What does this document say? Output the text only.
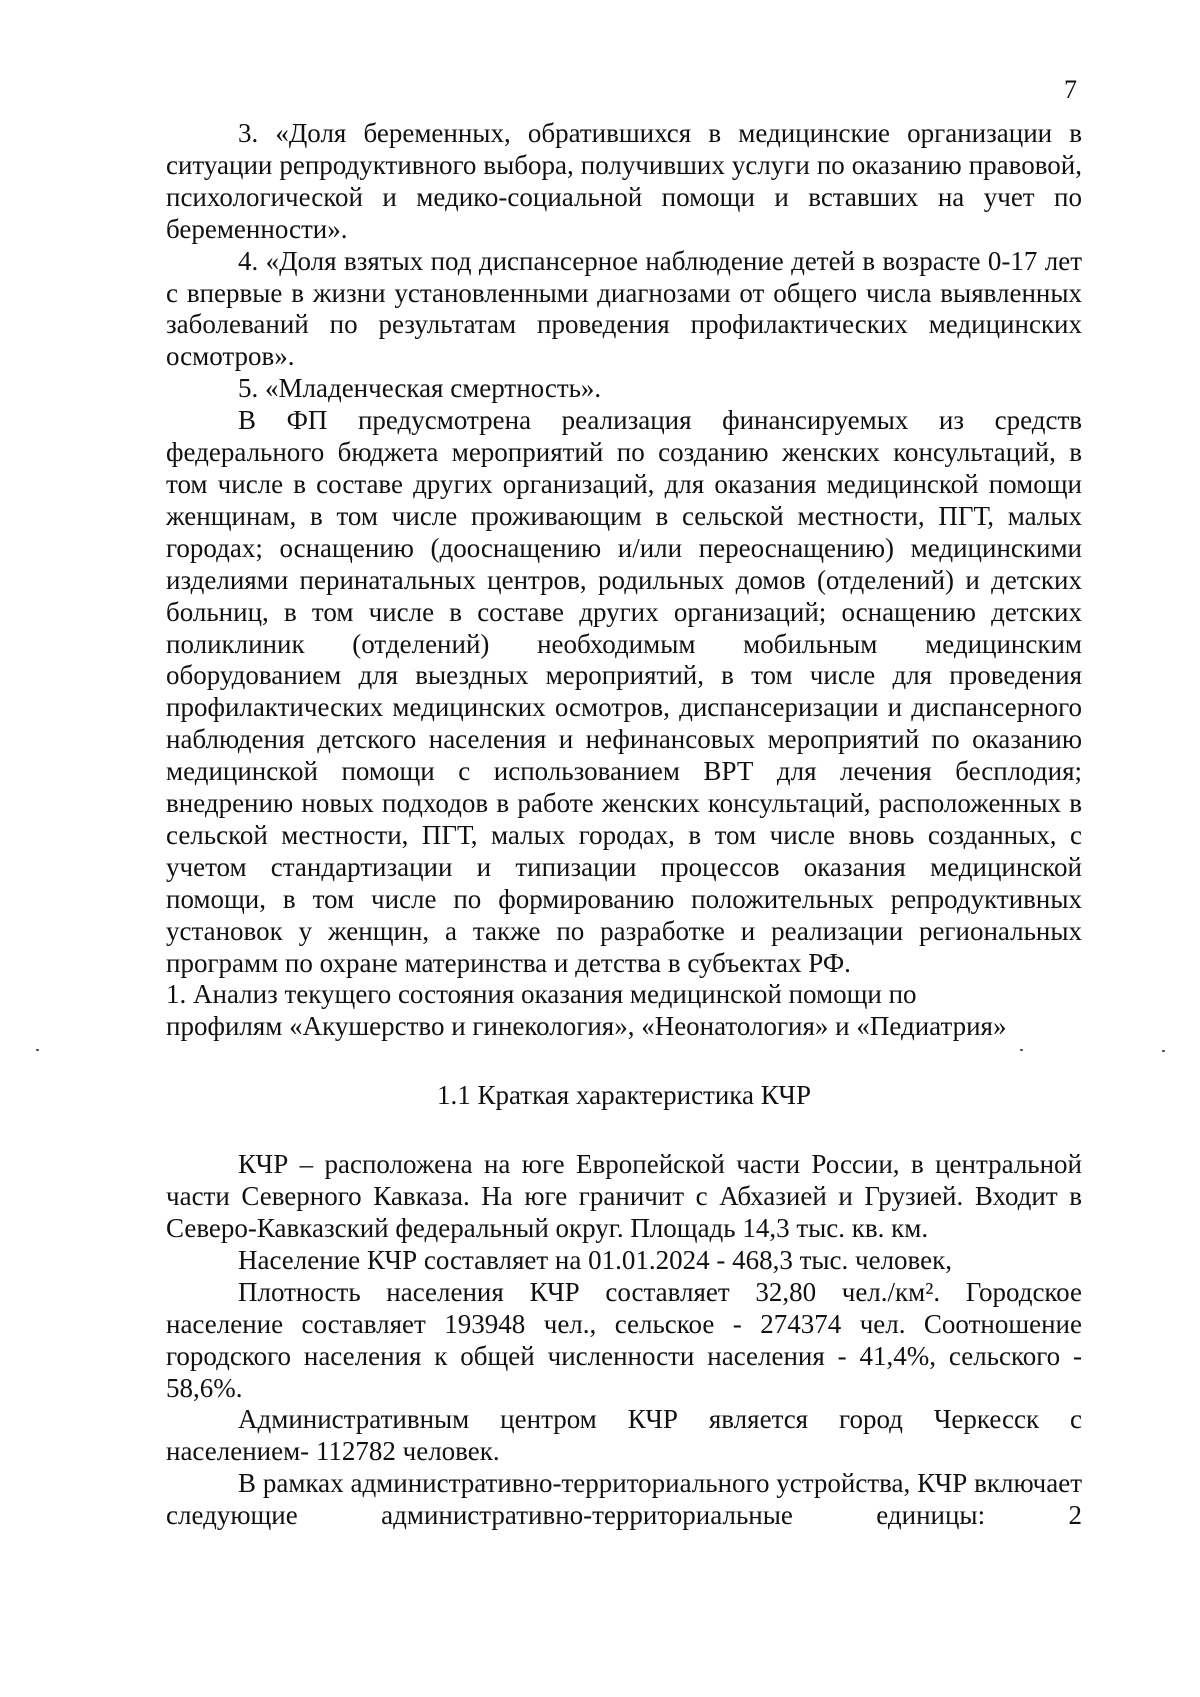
7

3. «Доля беременных, обратившихся в медицинские организации в ситуации репродуктивного выбора, получивших услуги по оказанию правовой, психологической и медико-социальной помощи и вставших на учет по беременности».

4. «Доля взятых под диспансерное наблюдение детей в возрасте 0-17 лет с впервые в жизни установленными диагнозами от общего числа выявленных заболеваний по результатам проведения профилактических медицинских осмотров».

5. «Младенческая смертность».

В ФП предусмотрена реализация финансируемых из средств федерального бюджета мероприятий по созданию женских консультаций, в том числе в составе других организаций, для оказания медицинской помощи женщинам, в том числе проживающим в сельской местности, ПГТ, малых городах; оснащению (дооснащению и/или переоснащению) медицинскими изделиями перинатальных центров, родильных домов (отделений) и детских больниц, в том числе в составе других организаций; оснащению детских поликлиник (отделений) необходимым мобильным медицинским оборудованием для выездных мероприятий, в том числе для проведения профилактических медицинских осмотров, диспансеризации и диспансерного наблюдения детского населения и нефинансовых мероприятий по оказанию медицинской помощи с использованием ВРТ для лечения бесплодия; внедрению новых подходов в работе женских консультаций, расположенных в сельской местности, ПГТ, малых городах, в том числе вновь созданных, с учетом стандартизации и типизации процессов оказания медицинской помощи, в том числе по формированию положительных репродуктивных установок у женщин, а также по разработке и реализации региональных программ по охране материнства и детства в субъектах РФ.

1. Анализ текущего состояния оказания медицинской помощи по
профилям «Акушерство и гинекология», «Неонатология» и «Педиатрия»

1.1 Краткая характеристика КЧР

КЧР – расположена на юге Европейской части России, в центральной части Северного Кавказа. На юге граничит с Абхазией и Грузией. Входит в Северо-Кавказский федеральный округ. Площадь 14,3 тыс. кв. км.

Население КЧР составляет на 01.01.2024 - 468,3 тыс. человек,

Плотность населения КЧР составляет 32,80 чел./км². Городское население составляет 193948 чел., сельское - 274374 чел. Соотношение городского населения к общей численности населения - 41,4%, сельского - 58,6%.

Административным центром КЧР является город Черкесск с населением- 112782 человек.

В рамках административно-территориального устройства, КЧР включает следующие административно-территориальные единицы: 2
